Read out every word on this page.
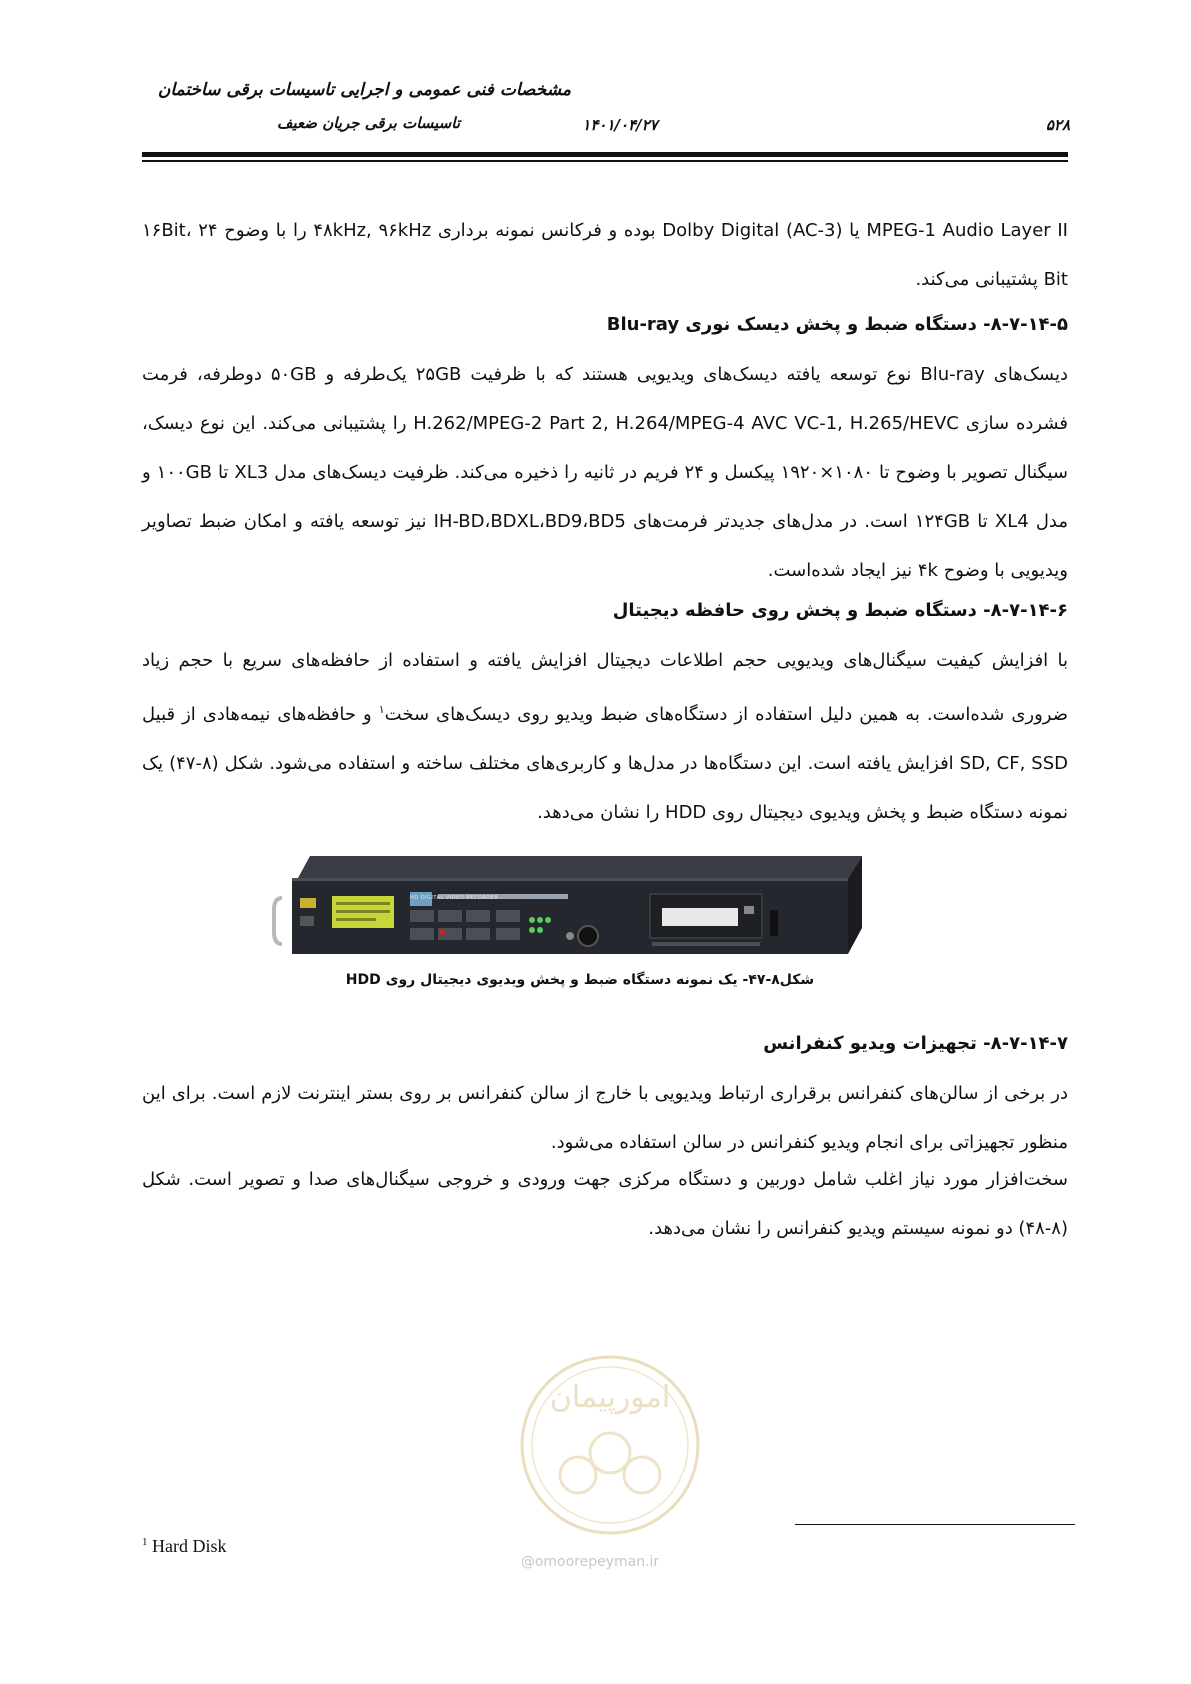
مشخصات فنی عمومی و اجرایی تاسیسات برقی ساختمان
تاسیسات برقی جریان ضعیف	۱۴۰۱/۰۴/۲۷	۵۲۸
MPEG-1 Audio Layer II یا Dolby Digital (AC-3) بوده و فرکانس نمونه برداری ۴۸kHz, ۹۶kHz را با وضوح ۱۶Bit، ۲۴ Bit پشتیبانی می‌کند.
۸-۷-۱۴-۵- دستگاه ضبط و پخش دیسک نوری Blu-ray
دیسک‌های Blu-ray نوع توسعه یافته دیسک‌های ویدیویی هستند که با ظرفیت ۲۵GB یک‌طرفه و ۵۰GB دوطرفه، فرمت فشرده سازی H.262/MPEG-2 Part 2, H.264/MPEG-4 AVC VC-1, H.265/HEVC را پشتیبانی می‌کند. این نوع دیسک، سیگنال تصویر با وضوح تا ۱۰۸۰×۱۹۲۰ پیکسل و ۲۴ فریم در ثانیه را ذخیره می‌کند. ظرفیت دیسک‌های مدل XL3 تا ۱۰۰GB و مدل XL4 تا ۱۲۴GB است. در مدل‌های جدیدتر فرمت‌های IH-BD،BDXL،BD9،BD5 نیز توسعه یافته و امکان ضبط تصاویر ویدیویی با وضوح ۴k نیز ایجاد شده‌است.
۸-۷-۱۴-۶- دستگاه ضبط و پخش روی حافظه دیجیتال
با افزایش کیفیت سیگنال‌های ویدیویی حجم اطلاعات دیجیتال افزایش یافته و استفاده از حافظه‌های سریع با حجم زیاد ضروری شده‌است. به همین دلیل استفاده از دستگاه‌های ضبط ویدیو روی دیسک‌های سخت$^۱$ و حافظه‌های نیمه‌هادی از قبیل SD, CF, SSD افزایش یافته است. این دستگاه‌ها در مدل‌ها و کاربری‌های مختلف ساخته و استفاده می‌شود. شکل (۸-۴۷) یک نمونه دستگاه ضبط و پخش ویدیوی دیجیتال روی HDD را نشان می‌دهد.
HD DIGITAL VIDEO RECORDER
شکل۸-۴۷- یک نمونه دستگاه ضبط و پخش ویدیوی دیجیتال روی HDD
۸-۷-۱۴-۷- تجهیزات ویدیو کنفرانس
در برخی از سالن‌های کنفرانس برقراری ارتباط ویدیویی با خارج از سالن کنفرانس بر روی بستر اینترنت لازم است. برای این منظور تجهیزاتی برای انجام ویدیو کنفرانس در سالن استفاده می‌شود.
سخت‌افزار مورد نیاز اغلب شامل دوربین و دستگاه مرکزی جهت ورودی و خروجی سیگنال‌های صدا و تصویر است. شکل (۸-۴۸) دو نمونه سیستم ویدیو کنفرانس را نشان می‌دهد.
امورپیمان
$^1$ Hard Disk
@omoorepeyman.ir
